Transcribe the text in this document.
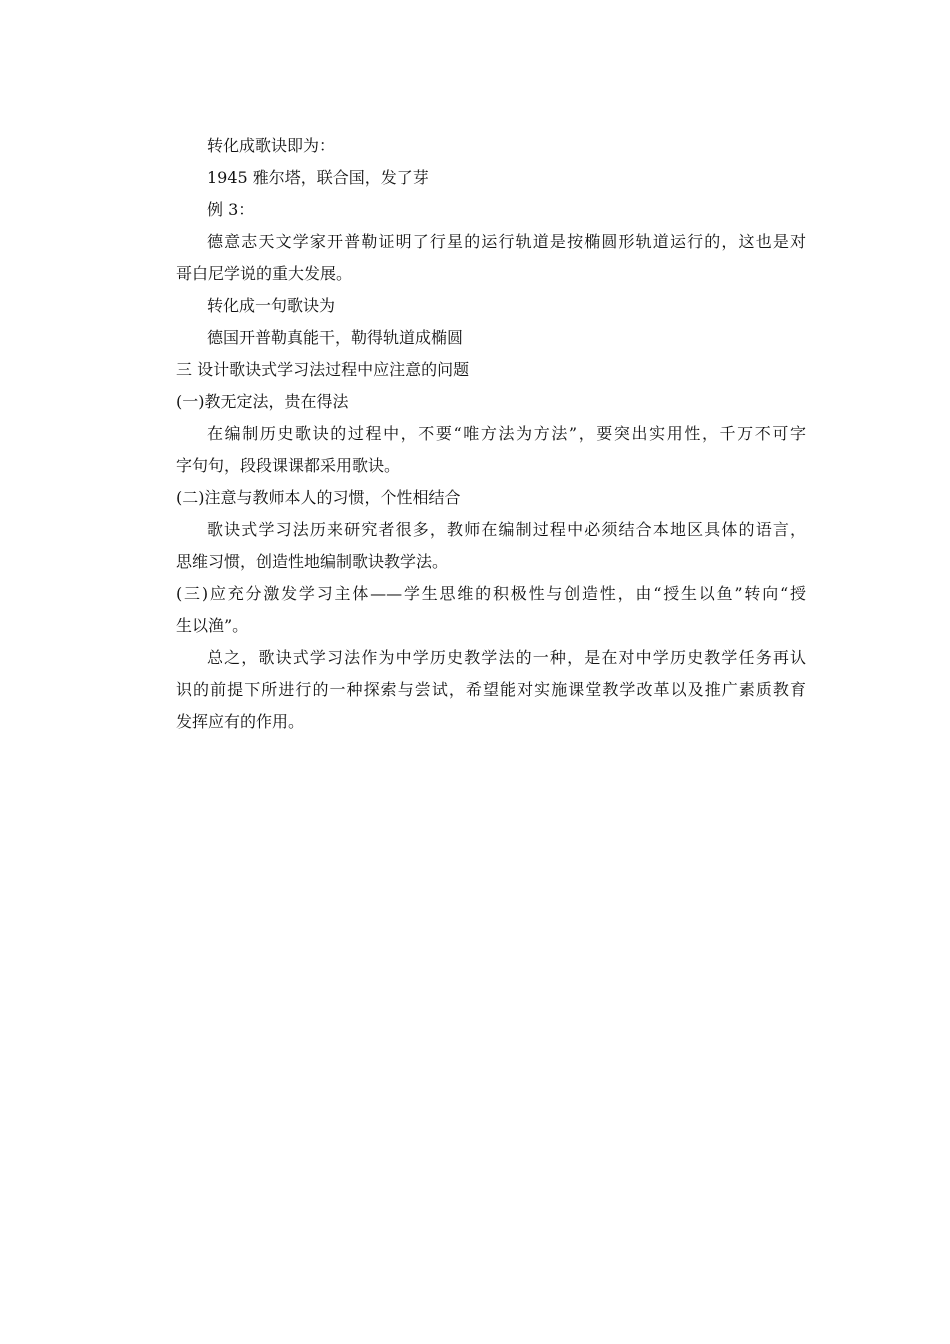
转化成歌诀即为：
1945 雅尔塔，联合国，发了芽
例 3：
德意志天文学家开普勒证明了行星的运行轨道是按椭圆形轨道运行的，这也是对
哥白尼学说的重大发展。
转化成一句歌诀为
德国开普勒真能干，勒得轨道成椭圆
三 设计歌诀式学习法过程中应注意的问题
(一)教无定法，贵在得法
在编制历史歌诀的过程中，不要“唯方法为方法”，要突出实用性，千万不可字
字句句，段段课课都采用歌诀。
(二)注意与教师本人的习惯，个性相结合
歌诀式学习法历来研究者很多，教师在编制过程中必须结合本地区具体的语言，
思维习惯，创造性地编制歌诀教学法。
(三)应充分激发学习主体——学生思维的积极性与创造性，由“授生以鱼”转向“授
生以渔”。
总之，歌诀式学习法作为中学历史教学法的一种，是在对中学历史教学任务再认
识的前提下所进行的一种探索与尝试，希望能对实施课堂教学改革以及推广素质教育
发挥应有的作用。
